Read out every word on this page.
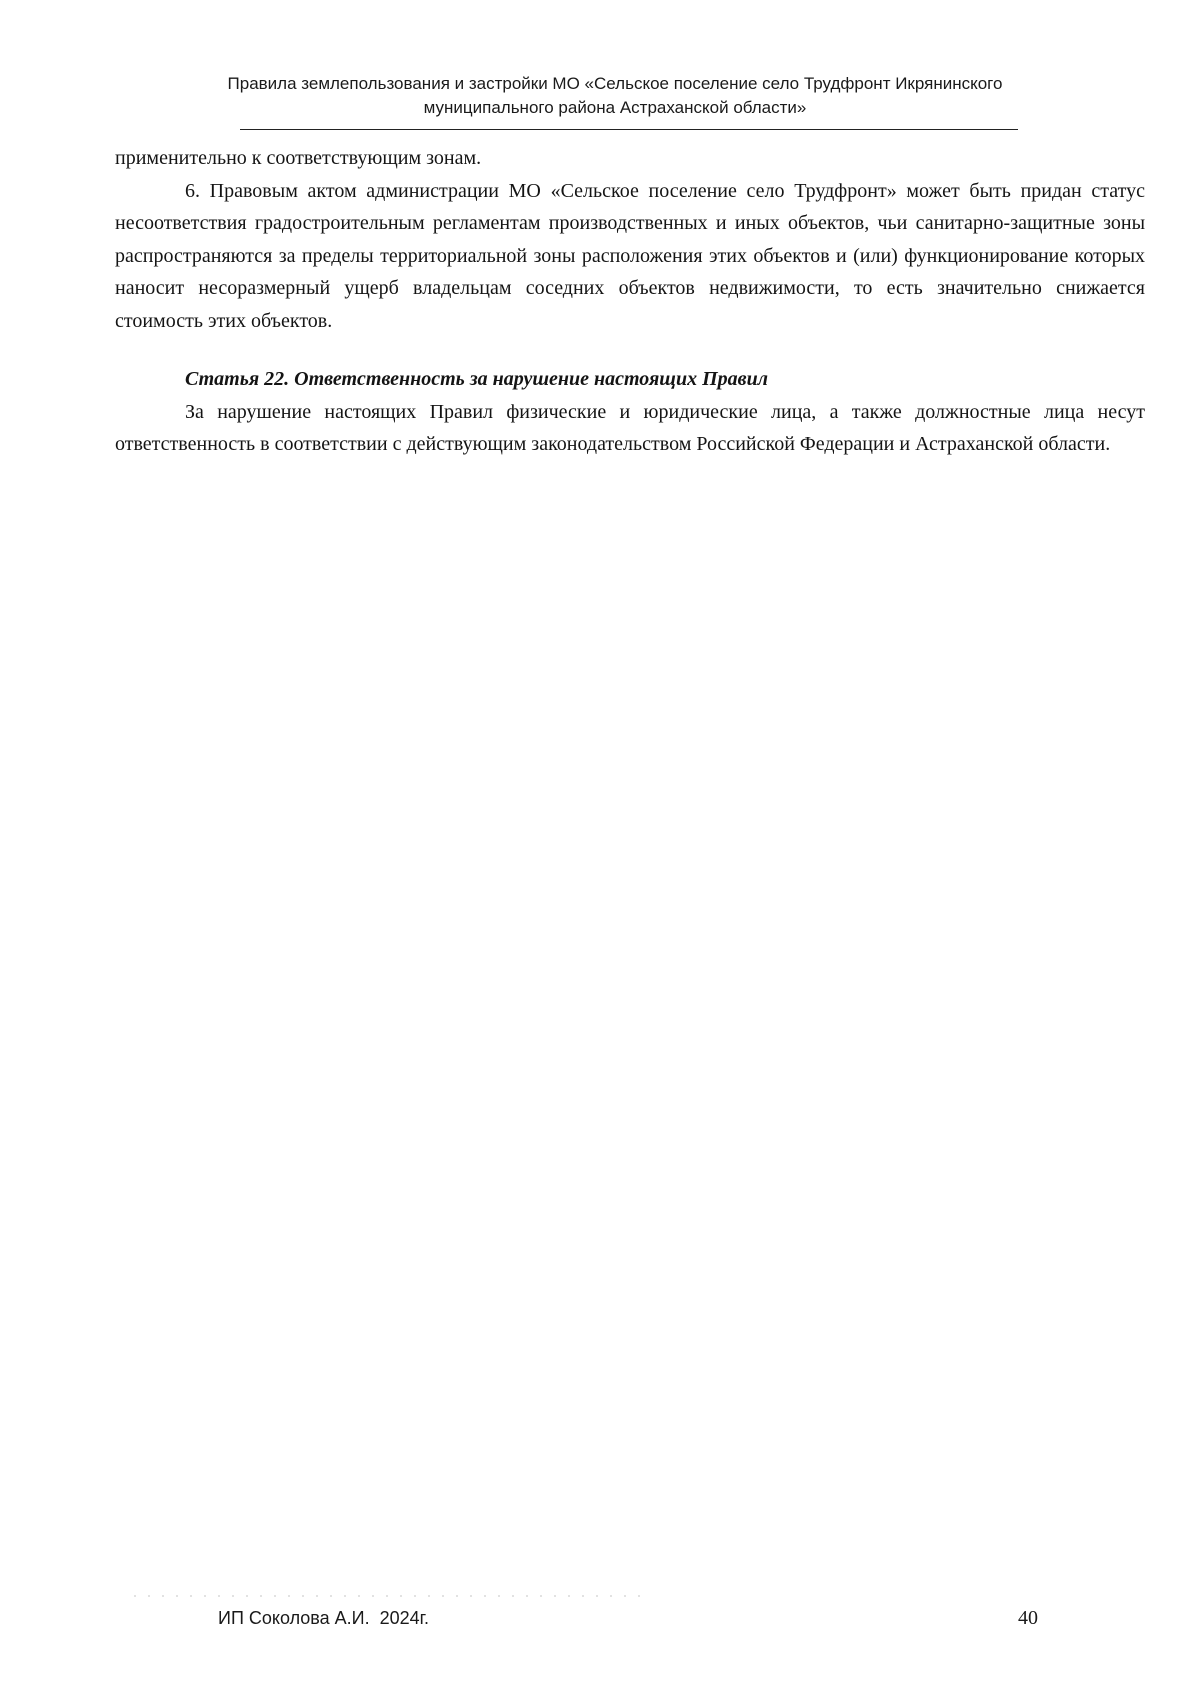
Правила землепользования и застройки МО «Сельское поселение село Трудфронт Икрянинского
муниципального района Астраханской области»

применительно к соответствующим зонам.

6. Правовым актом администрации МО «Сельское поселение село Трудфронт» может быть придан статус несоответствия градостроительным регламентам производственных и иных объектов, чьи санитарно-защитные зоны распространяются за пределы территориальной зоны расположения этих объектов и (или) функционирование которых наносит несоразмерный ущерб владельцам соседних объектов недвижимости, то есть значительно снижается стоимость этих объектов.

Статья 22. Ответственность за нарушение настоящих Правил

За нарушение настоящих Правил физические и юридические лица, а также должностные лица несут ответственность в соответствии с действующим законодательством Российской Федерации и Астраханской области.

ИП Соколова А.И.  2024г.	40
